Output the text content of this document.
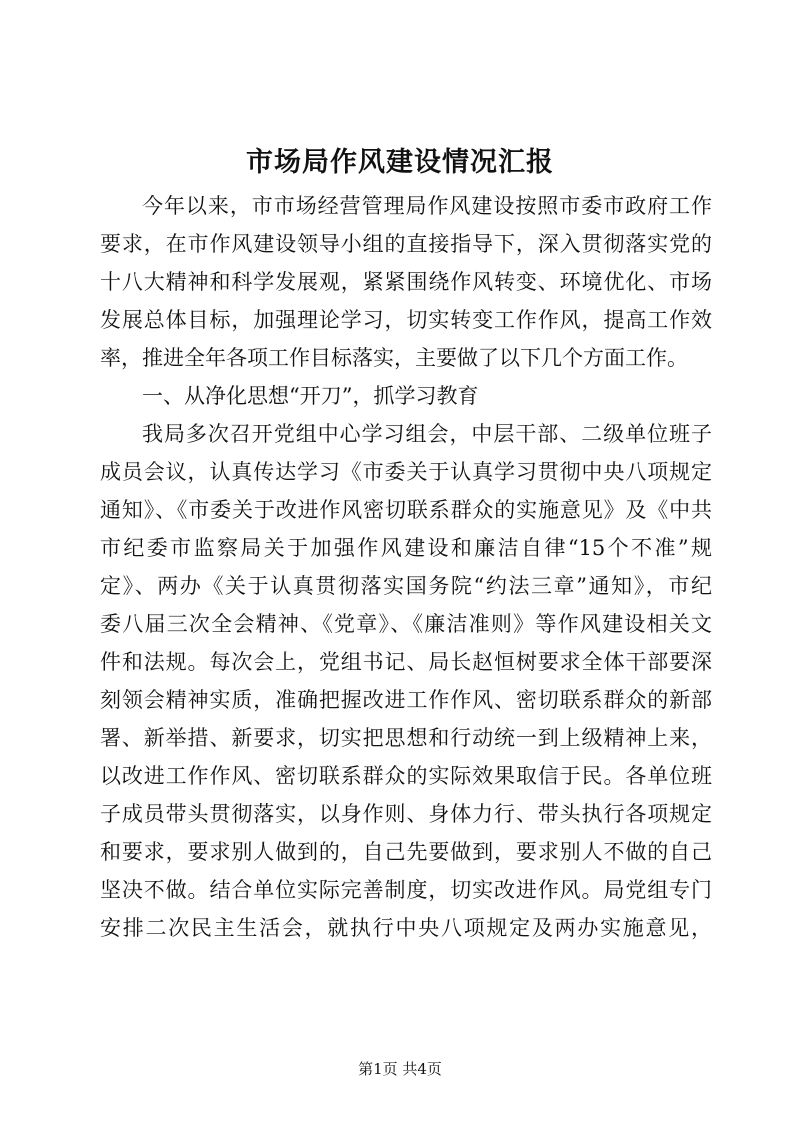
市场局作风建设情况汇报
今年以来，市市场经营管理局作风建设按照市委市政府工作
要求，在市作风建设领导小组的直接指导下，深入贯彻落实党的
十八大精神和科学发展观，紧紧围绕作风转变、环境优化、市场
发展总体目标，加强理论学习，切实转变工作作风，提高工作效
率，推进全年各项工作目标落实，主要做了以下几个方面工作。
一、从净化思想“开刀”，抓学习教育
我局多次召开党组中心学习组会，中层干部、二级单位班子
成员会议，认真传达学习《市委关于认真学习贯彻中央八项规定
通知》、《市委关于改进作风密切联系群众的实施意见》及《中共
市纪委市监察局关于加强作风建设和廉洁自律“15个不准”规
定》、两办《关于认真贯彻落实国务院“约法三章”通知》，市纪
委八届三次全会精神、《党章》、《廉洁准则》等作风建设相关文
件和法规。每次会上，党组书记、局长赵恒树要求全体干部要深
刻领会精神实质，准确把握改进工作作风、密切联系群众的新部
署、新举措、新要求，切实把思想和行动统一到上级精神上来，
以改进工作作风、密切联系群众的实际效果取信于民。各单位班
子成员带头贯彻落实，以身作则、身体力行、带头执行各项规定
和要求，要求别人做到的，自己先要做到，要求别人不做的自己
坚决不做。结合单位实际完善制度，切实改进作风。局党组专门
安排二次民主生活会，就执行中央八项规定及两办实施意见，
第1页 共4页
